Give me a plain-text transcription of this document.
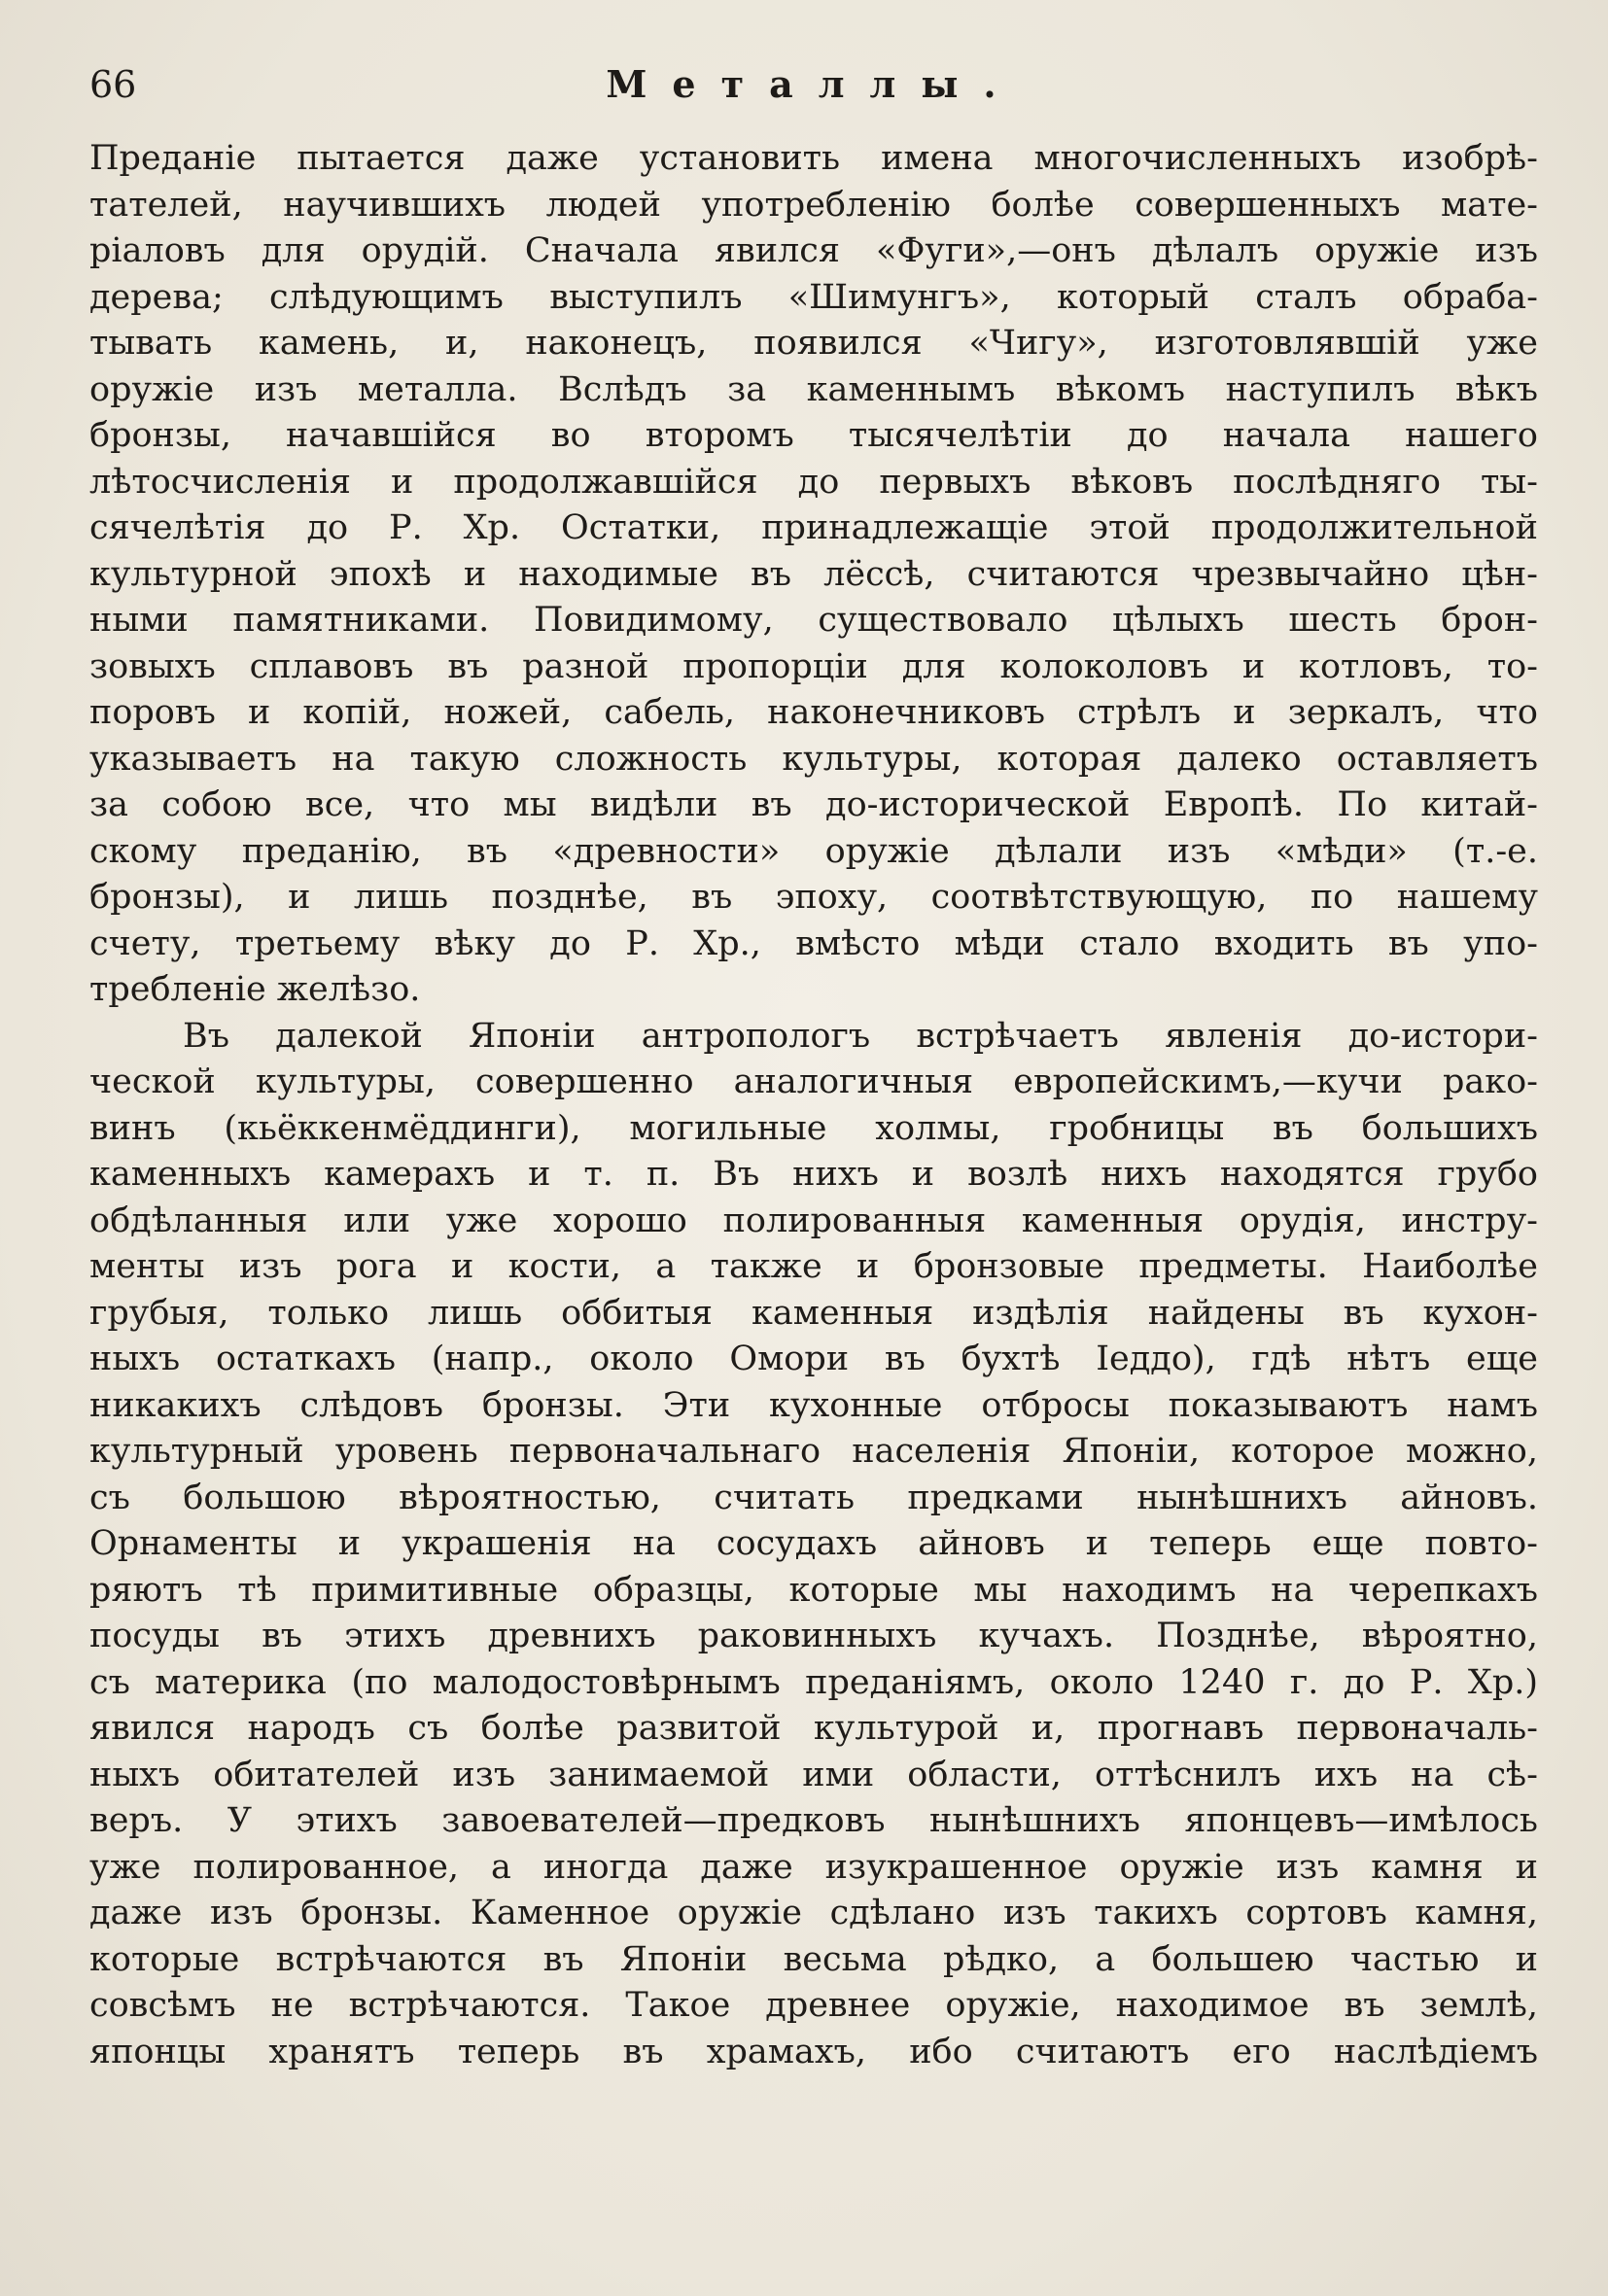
66	Металлы.
Преданіе пытается даже установить имена многочисленныхъ изобрѣ-
тателей, научившихъ людей употребленію болѣе совершенныхъ мате-
ріаловъ для орудій. Сначала явился «Фуги»,—онъ дѣлалъ оружіе изъ
дерева; слѣдующимъ выступилъ «Шимунгъ», который сталъ обраба-
тывать камень, и, наконецъ, появился «Чигу», изготовлявшій уже
оружіе изъ металла. Вслѣдъ за каменнымъ вѣкомъ наступилъ вѣкъ
бронзы, начавшійся во второмъ тысячелѣтіи до начала нашего
лѣтосчисленія и продолжавшійся до первыхъ вѣковъ послѣдняго ты-
сячелѣтія до Р. Хр. Остатки, принадлежащіе этой продолжительной
культурной эпохѣ и находимые въ лёссѣ, считаются чрезвычайно цѣн-
ными памятниками. Повидимому, существовало цѣлыхъ шесть брон-
зовыхъ сплавовъ въ разной пропорціи для колоколовъ и котловъ, то-
поровъ и копій, ножей, сабель, наконечниковъ стрѣлъ и зеркалъ, что
указываетъ на такую сложность культуры, которая далеко оставляетъ
за собою все, что мы видѣли въ до-исторической Европѣ. По китай-
скому преданію, въ «древности» оружіе дѣлали изъ «мѣди» (т.-е.
бронзы), и лишь позднѣе, въ эпоху, соотвѣтствующую, по нашему
счету, третьему вѣку до Р. Хр., вмѣсто мѣди стало входить въ упо-
требленіе желѣзо.
Въ далекой Японіи антропологъ встрѣчаетъ явленія до-истори-
ческой культуры, совершенно аналогичныя европейскимъ,—кучи рако-
винъ (кьёккенмёддинги), могильные холмы, гробницы въ большихъ
каменныхъ камерахъ и т. п. Въ нихъ и возлѣ нихъ находятся грубо
обдѣланныя или уже хорошо полированныя каменныя орудія, инстру-
менты изъ рога и кости, а также и бронзовые предметы. Наиболѣе
грубыя, только лишь оббитыя каменныя издѣлія найдены въ кухон-
ныхъ остаткахъ (напр., около Омори въ бухтѣ Іеддо), гдѣ нѣтъ еще
никакихъ слѣдовъ бронзы. Эти кухонные отбросы показываютъ намъ
культурный уровень первоначальнаго населенія Японіи, которое можно,
съ большою вѣроятностью, считать предками нынѣшнихъ айновъ.
Орнаменты и украшенія на сосудахъ айновъ и теперь еще повто-
ряютъ тѣ примитивные образцы, которые мы находимъ на черепкахъ
посуды въ этихъ древнихъ раковинныхъ кучахъ. Позднѣе, вѣроятно,
съ материка (по малодостовѣрнымъ преданіямъ, около 1240 г. до Р. Хр.)
явился народъ съ болѣе развитой культурой и, прогнавъ первоначаль-
ныхъ обитателей изъ занимаемой ими области, оттѣснилъ ихъ на сѣ-
веръ. У этихъ завоевателей—предковъ нынѣшнихъ японцевъ—имѣлось
уже полированное, а иногда даже изукрашенное оружіе изъ камня и
даже изъ бронзы. Каменное оружіе сдѣлано изъ такихъ сортовъ камня,
которые встрѣчаются въ Японіи весьма рѣдко, а большею частью и
совсѣмъ не встрѣчаются. Такое древнее оружіе, находимое въ землѣ,
японцы хранятъ теперь въ храмахъ, ибо считаютъ его наслѣдіемъ
